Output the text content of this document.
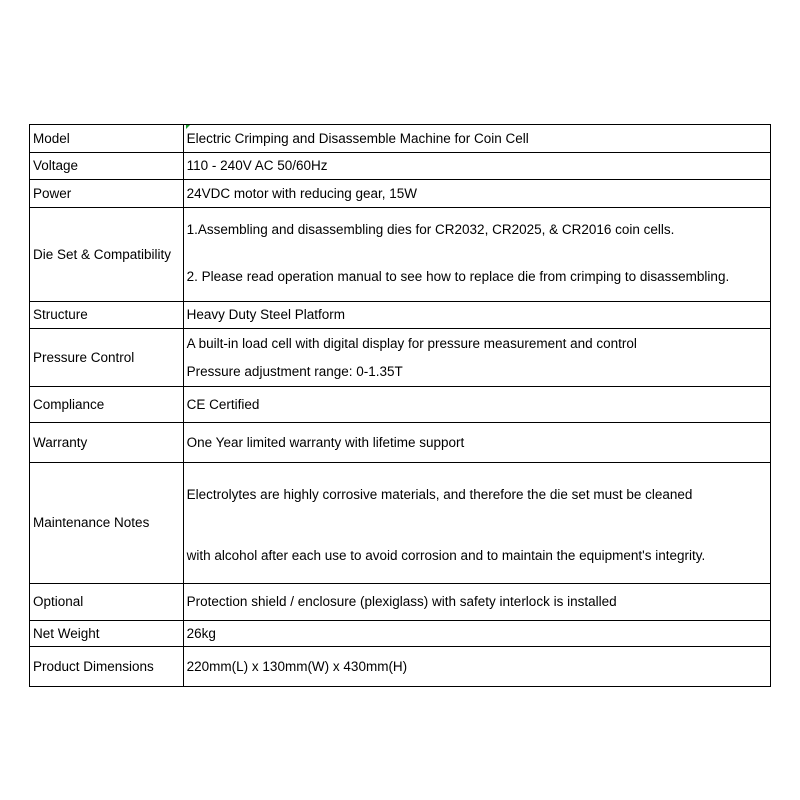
Model	Electric Crimping and Disassemble Machine for Coin Cell
Voltage	110 - 240V AC 50/60Hz
Power	24VDC motor with reducing gear, 15W
Die Set & Compatibility	1.Assembling and disassembling dies for CR2032, CR2025, & CR2016 coin cells.
2. Please read operation manual to see how to replace die from crimping to disassembling.

Structure	Heavy Duty Steel Platform
Pressure Control	A built-in load cell with digital display for pressure measurement and control
Pressure adjustment range: 0-1.35T

Compliance	CE Certified
Warranty	One Year limited warranty with lifetime support
Maintenance Notes	Electrolytes are highly corrosive materials, and therefore the die set must be cleaned
with alcohol after each use to avoid corrosion and to maintain the equipment's integrity.

Optional	Protection shield / enclosure (plexiglass) with safety interlock is installed
Net Weight	26kg
Product Dimensions	220mm(L) x 130mm(W) x 430mm(H)
